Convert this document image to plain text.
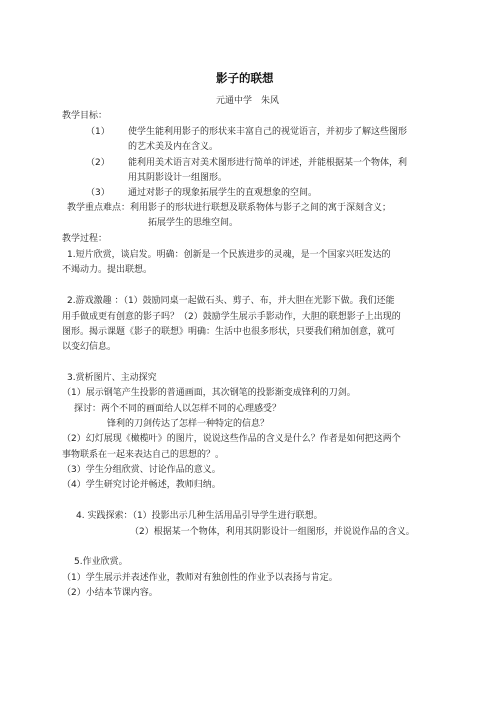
影子的联想
元通中学　朱风
教学目标：
（1） 使学生能利用影子的形状来丰富自己的视觉语言，并初步了解这些图形
的艺术美及内在含义。
（2） 能利用美术语言对美术图形进行简单的评述，并能根据某一个物体，利
用其阴影设计一组图形。
（3） 通过对影子的现象拓展学生的直观想象的空间。
教学重点难点：利用影子的形状进行联想及联系物体与影子之间的寓于深刻含义；
拓展学生的思维空间。
教学过程：
1.短片欣赏，谈启发。明确：创新是一个民族进步的灵魂，是一个国家兴旺发达的
不竭动力。提出联想。
2.游戏激趣 ：（1）鼓励同桌一起做石头、剪子、布，并大胆在光影下做。我们还能
用手做成更有创意的影子吗？（2）鼓励学生展示手影动作，大胆的联想影子上出现的
图形。揭示课题《影子的联想》明确：生活中也很多形状，只要我们稍加创意，就可
以变幻信息。
3.赏析图片、主动探究
（1）展示钢笔产生投影的普通画面，其次钢笔的投影渐变成锋利的刀剑。
探讨：两个不同的画面给人以怎样不同的心理感受？
锋利的刀剑传达了怎样一种特定的信息？
（2）幻灯展现《橄榄叶》的图片，说说这些作品的含义是什么？作者是如何把这两个
事物联系在一起来表达自己的思想的？。
（3）学生分组欣赏、讨论作品的意义。
（4）学生研究讨论并畅述，教师归纳。
4. 实践探索：（1）投影出示几种生活用品引导学生进行联想。
（2）根据某一个物体，利用其阴影设计一组图形，并说说作品的含义。
5.作业欣赏。
（1）学生展示并表述作业，教师对有独创性的作业予以表扬与肯定。
（2）小结本节课内容。
